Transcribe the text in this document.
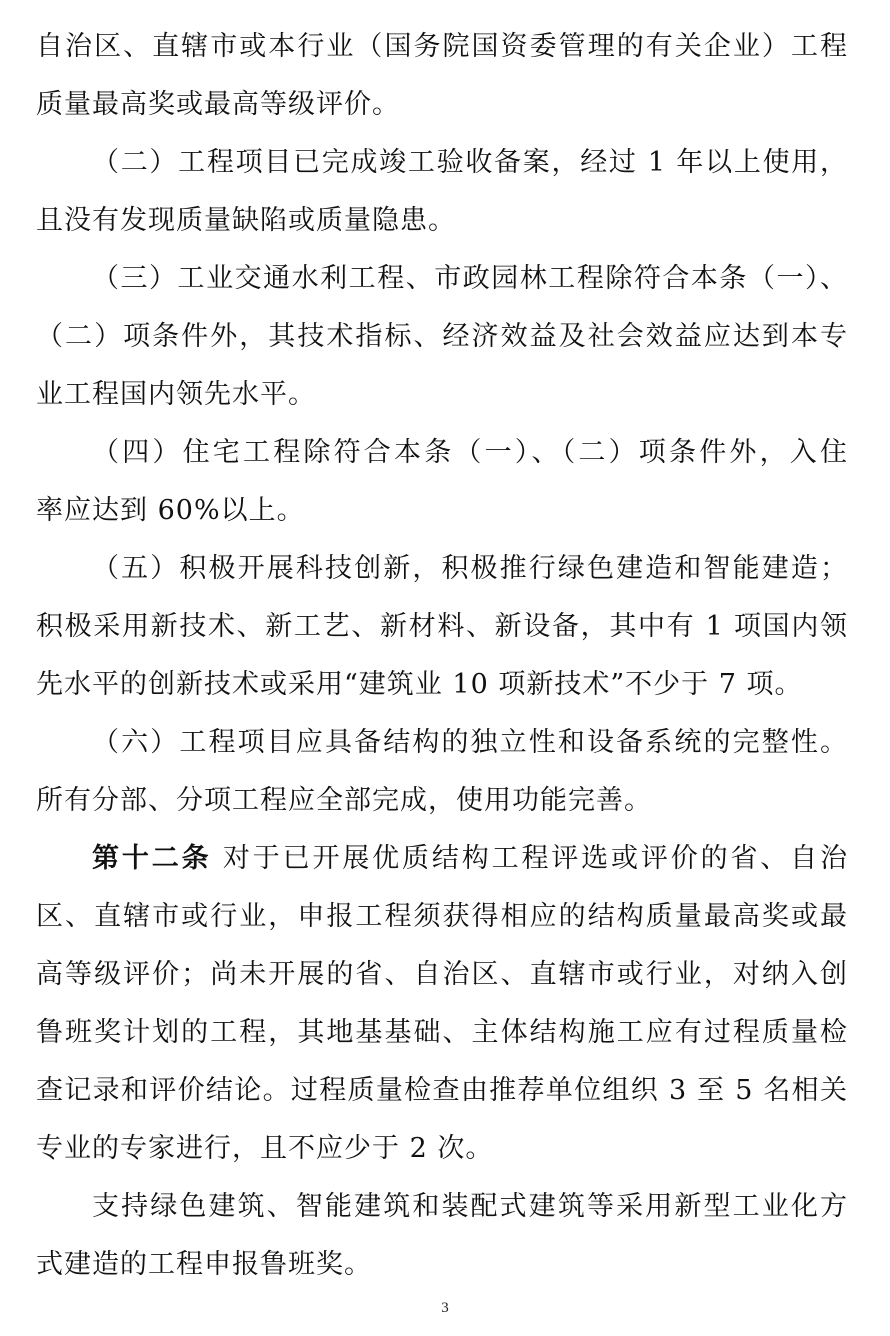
自治区、直辖市或本行业（国务院国资委管理的有关企业）工程
质量最高奖或最高等级评价。
（二）工程项目已完成竣工验收备案，经过 1 年以上使用，
且没有发现质量缺陷或质量隐患。
（三）工业交通水利工程、市政园林工程除符合本条（一）、
（二）项条件外，其技术指标、经济效益及社会效益应达到本专
业工程国内领先水平。
（四）住宅工程除符合本条（一）、（二）项条件外，入住
率应达到 60%以上。
（五）积极开展科技创新，积极推行绿色建造和智能建造；
积极采用新技术、新工艺、新材料、新设备，其中有 1 项国内领
先水平的创新技术或采用“建筑业 10 项新技术”不少于 7 项。
（六）工程项目应具备结构的独立性和设备系统的完整性。
所有分部、分项工程应全部完成，使用功能完善。
第十二条 对于已开展优质结构工程评选或评价的省、自治
区、直辖市或行业，申报工程须获得相应的结构质量最高奖或最
高等级评价；尚未开展的省、自治区、直辖市或行业，对纳入创
鲁班奖计划的工程，其地基基础、主体结构施工应有过程质量检
查记录和评价结论。过程质量检查由推荐单位组织 3 至 5 名相关
专业的专家进行，且不应少于 2 次。
支持绿色建筑、智能建筑和装配式建筑等采用新型工业化方
式建造的工程申报鲁班奖。
3
